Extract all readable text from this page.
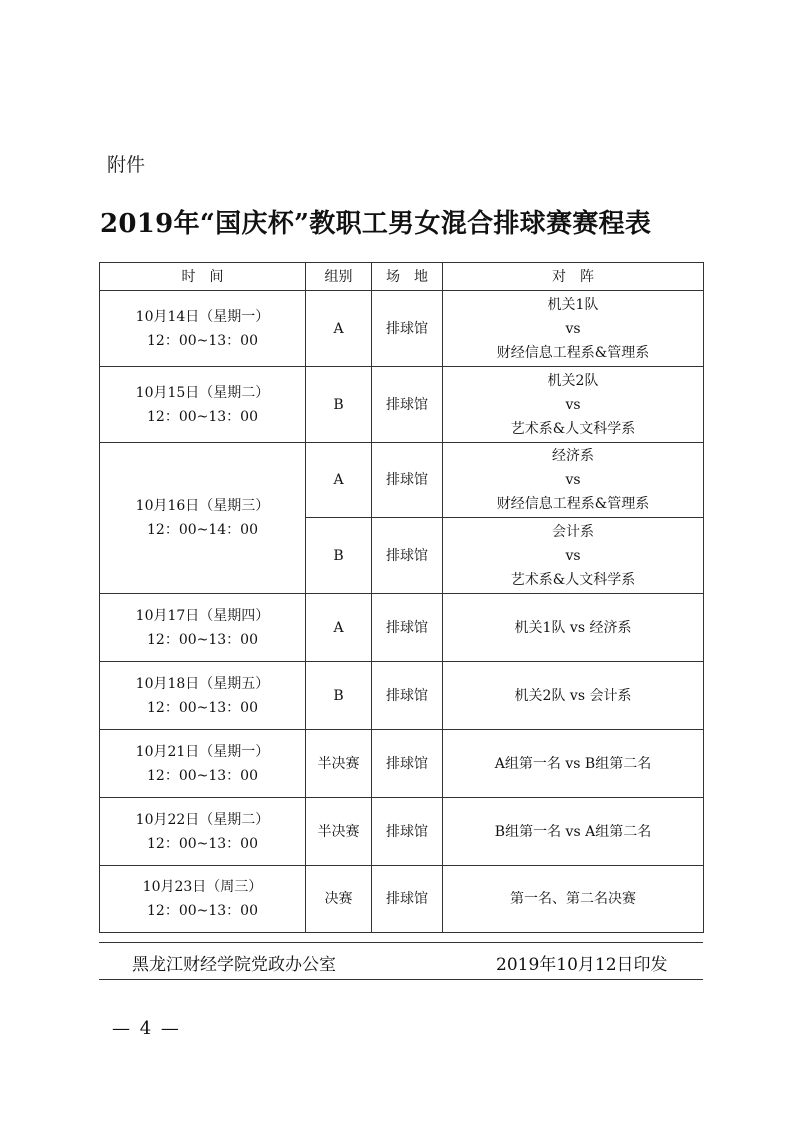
附件
2019年“国庆杯”教职工男女混合排球赛赛程表
时　间	组别	场　地	对　阵

10月14日（星期一）
12：00~13：00	A	排球馆	机关1队
vs
财经信息工程系&管理系

10月15日（星期二）
12：00~13：00	B	排球馆	机关2队
vs
艺术系&人文科学系

10月16日（星期三）
12：00~14：00	A	排球馆	经济系
vs
财经信息工程系&管理系

	B	排球馆	会计系
vs
艺术系&人文科学系

10月17日（星期四）
12：00~13：00	A	排球馆	机关1队 vs 经济系

10月18日（星期五）
12：00~13：00	B	排球馆	机关2队 vs 会计系

10月21日（星期一）
12：00~13：00	半决赛	排球馆	A组第一名 vs B组第二名

10月22日（星期二）
12：00~13：00	半决赛	排球馆	B组第一名 vs A组第二名

10月23日（周三）
12：00~13：00	决赛	排球馆	第一名、第二名决赛
黑龙江财经学院党政办公室	2019年10月12日印发
— 4 —
